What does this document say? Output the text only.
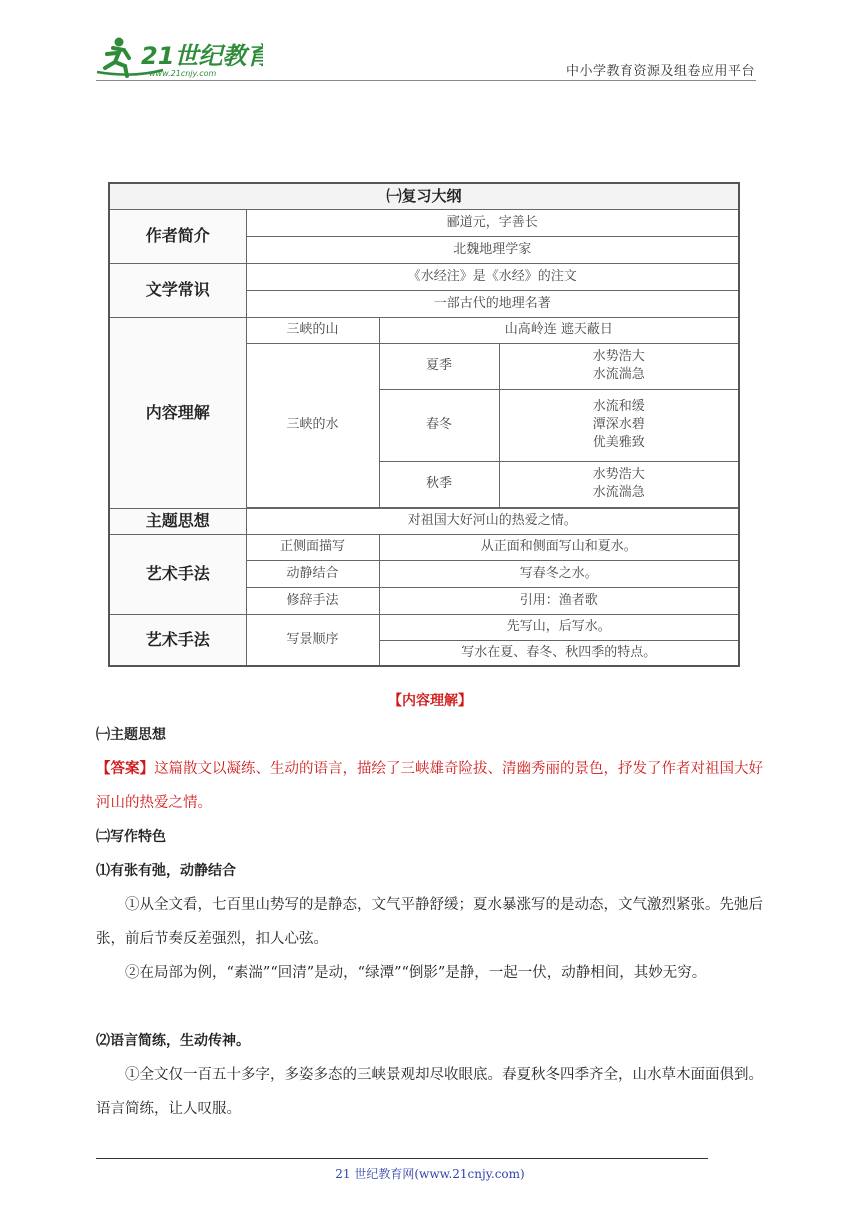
21世纪教育
www.21cnjy.com	中小学教育资源及组卷应用平台
㈠复习大纲			
作者简介	郦道元，字善长		
	北魏地理学家		
文学常识	《水经注》是《水经》的注文		
	一部古代的地理名著		
内容理解	三峡的山	山高岭连 遮天蔽日	
	三峡的水	夏季	水势浩大
水流湍急

		春冬	水流和缓
潭深水碧
优美雅致

		秋季	水势浩大
水流湍急

主题思想	对祖国大好河山的热爱之情。		
艺术手法	正侧面描写	从正面和侧面写山和夏水。	
	动静结合	写春冬之水。	
	修辞手法	引用：渔者歌	
艺术手法	写景顺序	先写山，后写水。	
		写水在夏、春冬、秋四季的特点。	
【内容理解】
㈠主题思想
【答案】这篇散文以凝练、生动的语言，描绘了三峡雄奇险拔、清幽秀丽的景色，抒发了作者对祖国大好河山的热爱之情。
㈡写作特色
⑴有张有弛，动静结合
①从全文看，七百里山势写的是静态，文气平静舒缓；夏水暴涨写的是动态，文气激烈紧张。先弛后张，前后节奏反差强烈，扣人心弦。
②在局部为例，“素湍”“回清”是动，“绿潭”“倒影”是静，一起一伏，动静相间，其妙无穷。
⑵语言简练，生动传神。
①全文仅一百五十多字，多姿多态的三峡景观却尽收眼底。春夏秋冬四季齐全，山水草木面面俱到。语言简练，让人叹服。
21 世纪教育网(www.21cnjy.com)
